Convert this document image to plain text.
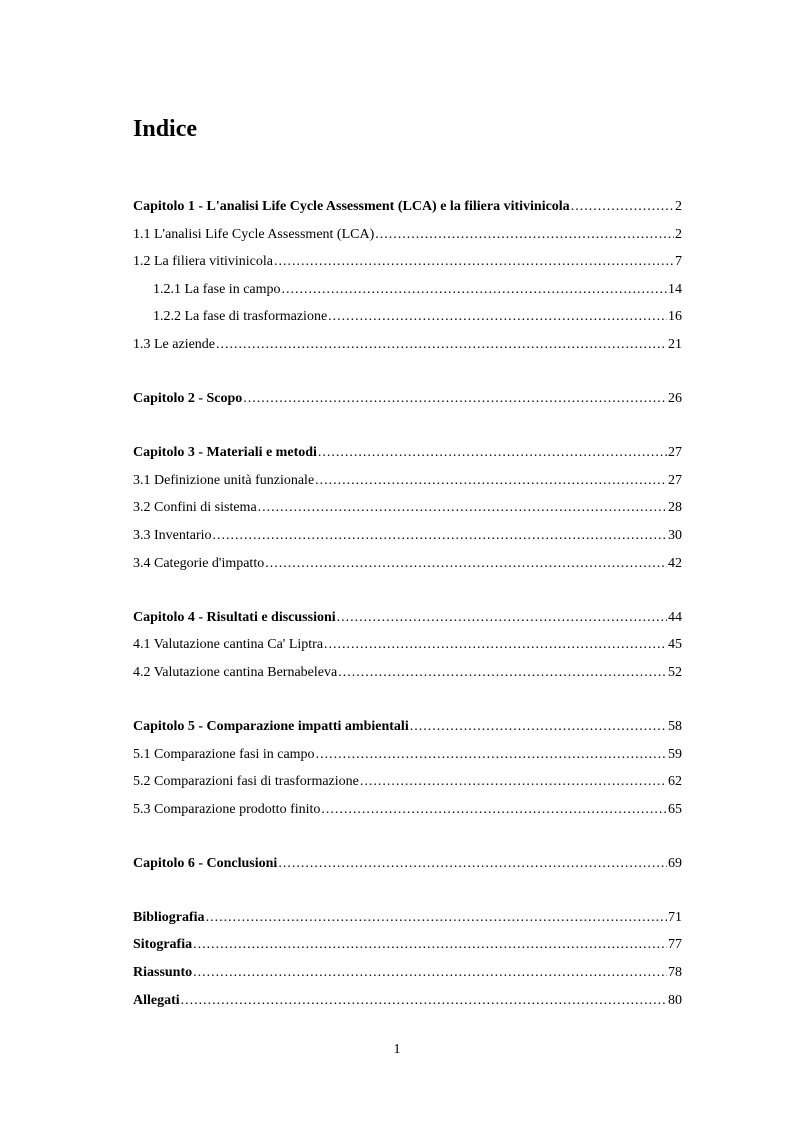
Indice
Capitolo 1 - L'analisi Life Cycle Assessment (LCA) e la filiera vitivinicola .....	2
1.1 L'analisi Life Cycle Assessment (LCA) .....	2
1.2 La filiera vitivinicola .....	7
1.2.1 La fase in campo .....	14
1.2.2 La fase di trasformazione .....	16
1.3 Le aziende .....	21
Capitolo 2 - Scopo .....	26
Capitolo 3 - Materiali e metodi .....	27
3.1 Definizione unità funzionale .....	27
3.2 Confini di sistema .....	28
3.3 Inventario .....	30
3.4 Categorie d'impatto .....	42
Capitolo 4 - Risultati e discussioni .....	44
4.1 Valutazione cantina Ca' Liptra .....	45
4.2 Valutazione cantina Bernabeleva .....	52
Capitolo 5 - Comparazione impatti ambientali .....	58
5.1 Comparazione fasi in campo .....	59
5.2 Comparazioni fasi di trasformazione .....	62
5.3 Comparazione prodotto finito .....	65
Capitolo 6 - Conclusioni .....	69
Bibliografia .....	71
Sitografia .....	77
Riassunto .....	78
Allegati .....	80
1
